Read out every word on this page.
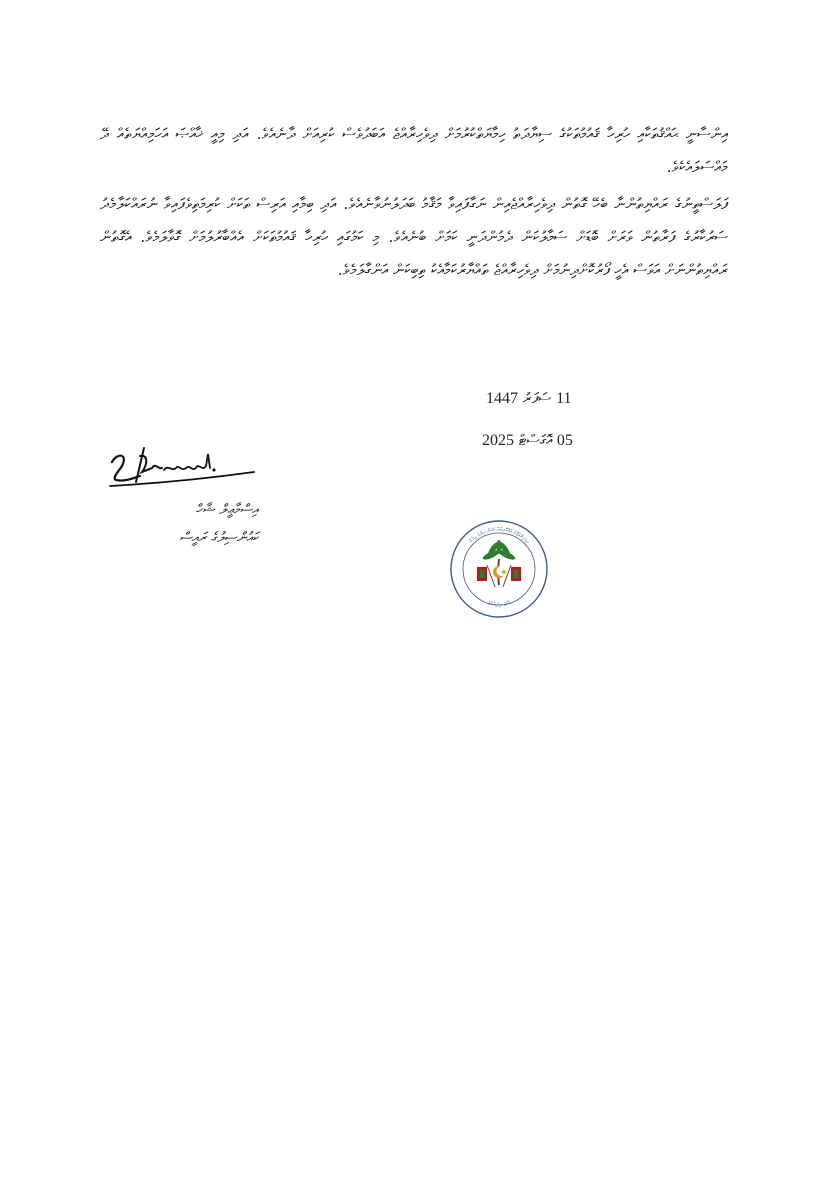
އިންސާނީ ޙައްޤުތަކާއި ހުރިހާ ޤައުމުތަކުގެ ސިޔާދަތު ހިމާޔަތްކުރުމަށް ދިވެހިރާއްޖެ އަބަދުވެސް ކުރިއަށް ދާނެއެވެ. އަދި މިއީ ޚާއްޞަ އަހަމިއްޔަތެއް ދޭ މައްސަލައެކެވެ.

ފަލަސްތީނުގެ ރައްޔިތުންނާ ބެހޭ ގޮތުން ދިވެހިރާއްޖެއިން ނަގާފައިވާ މަޤާމު ބަދަލުނުވާނެއެވެ. އަދި ބިމާއި އަރިސް ތަކަށް ކުރިމަތިވެފައިވާ ނުރައްކަލާމެދު ސަރުކާރުގެ ފަރާތުން ވަރަށް ބޮޑަށް ސަމާލުކަން ދެމުންދަނީ ކަމަށް ބުނެއެވެ. މި ކަމުގައި ހުރިހާ ޤައުމުތަކަށް އެއްބާރުލުމަށް ގޮވާލަމެވެ. އެގޮތުން ރައްޔިތުންނަށް އަވަސް އެހީ ފޯރުކޮށްދިނުމަށް ދިވެހިރާއްޖެ ތައްޔާރުކަމާއެކު ތިބިކަން އަންގާލަމެވެ.

11 ސަފަރު 1447
05 އޮގަސްޓް 2025
އިސްމާޢީލް ޝާހް
ކައުންސިލުގެ ރައީސް	ދިވެހިރާއްޖޭގެ ޖުމްހޫރިއްޔާ ކައުންސިލްގެ އިދާރާ
މާލެ، ދިވެހިރާއްޖެ
